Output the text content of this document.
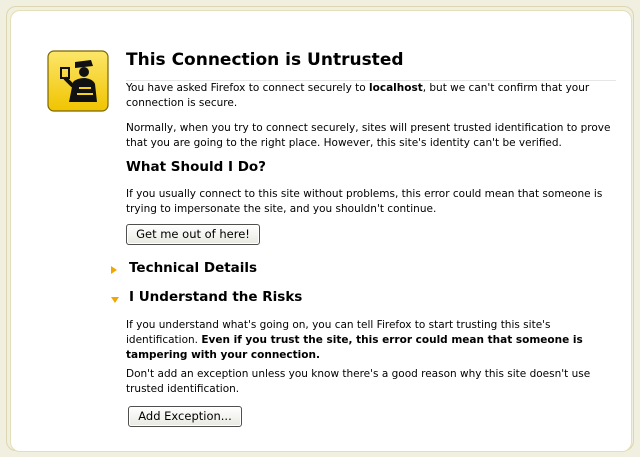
This Connection is Untrusted

You have asked Firefox to connect securely to localhost, but we can't confirm that your connection is secure.

Normally, when you try to connect securely, sites will present trusted identification to prove that you are going to the right place. However, this site's identity can't be verified.

What Should I Do?

If you usually connect to this site without problems, this error could mean that someone is trying to impersonate the site, and you shouldn't continue.

Get me out of here!
Technical Details
I Understand the Risks

If you understand what's going on, you can tell Firefox to start trusting this site's identification. Even if you trust the site, this error could mean that someone is tampering with your connection.

Don't add an exception unless you know there's a good reason why this site doesn't use trusted identification.

Add Exception...
